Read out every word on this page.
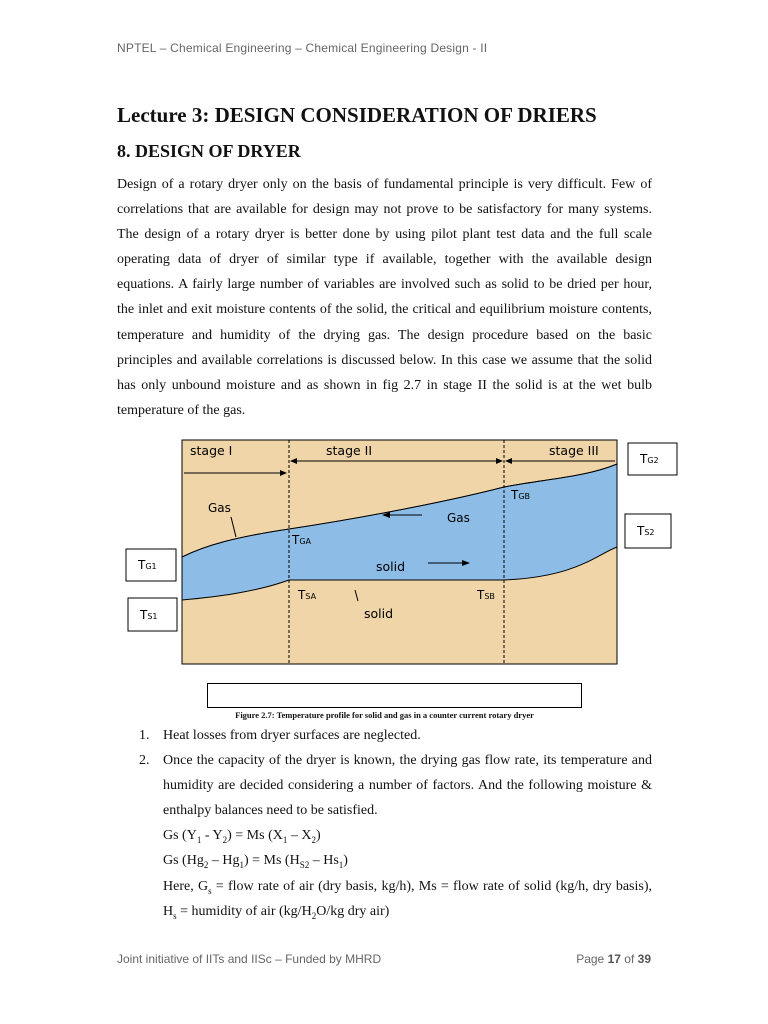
NPTEL – Chemical Engineering – Chemical Engineering Design - II
Lecture 3: DESIGN CONSIDERATION OF DRIERS
8. DESIGN OF DRYER

Design of a rotary dryer only on the basis of fundamental principle is very difficult. Few of correlations that are available for design may not prove to be satisfactory for many systems. The design of a rotary dryer is better done by using pilot plant test data and the full scale operating data of dryer of similar type if available, together with the available design equations. A fairly large number of variables are involved such as solid to be dried per hour, the inlet and exit moisture contents of the solid, the critical and equilibrium moisture contents, temperature and humidity of the drying gas. The design procedure based on the basic principles and available correlations is discussed below. In this case we assume that the solid has only unbound moisture and as shown in fig 2.7 in stage II the solid is at the wet bulb temperature of the gas.

stage I	stage II	stage III
Gas
Gas
solid
solid
TGA
TGB
TSA	TSB
TG1
TS1
TG2
TS2
Figure 2.7: Temperature profile for solid and gas in a counter current rotary dryer
1. Heat losses from dryer surfaces are neglected.
2. Once the capacity of the dryer is known, the drying gas flow rate, its temperature and humidity are decided considering a number of factors. And the following moisture & enthalpy balances need to be satisfied.
Gs $(Y_1 - Y_2) = Ms$ $(X_1 - X_2)$
Gs $(Hg_2 - Hg_1) = Ms$ $(H_{S2} - Hs_1)$
Here, $G_s$ = flow rate of air (dry basis, kg/h), Ms = flow rate of solid (kg/h, dry basis), $H_s$ = humidity of air ($kg/H_2O/kg$ dry air)
Joint initiative of IITs and IISc – Funded by MHRD	Page 17 of 39
